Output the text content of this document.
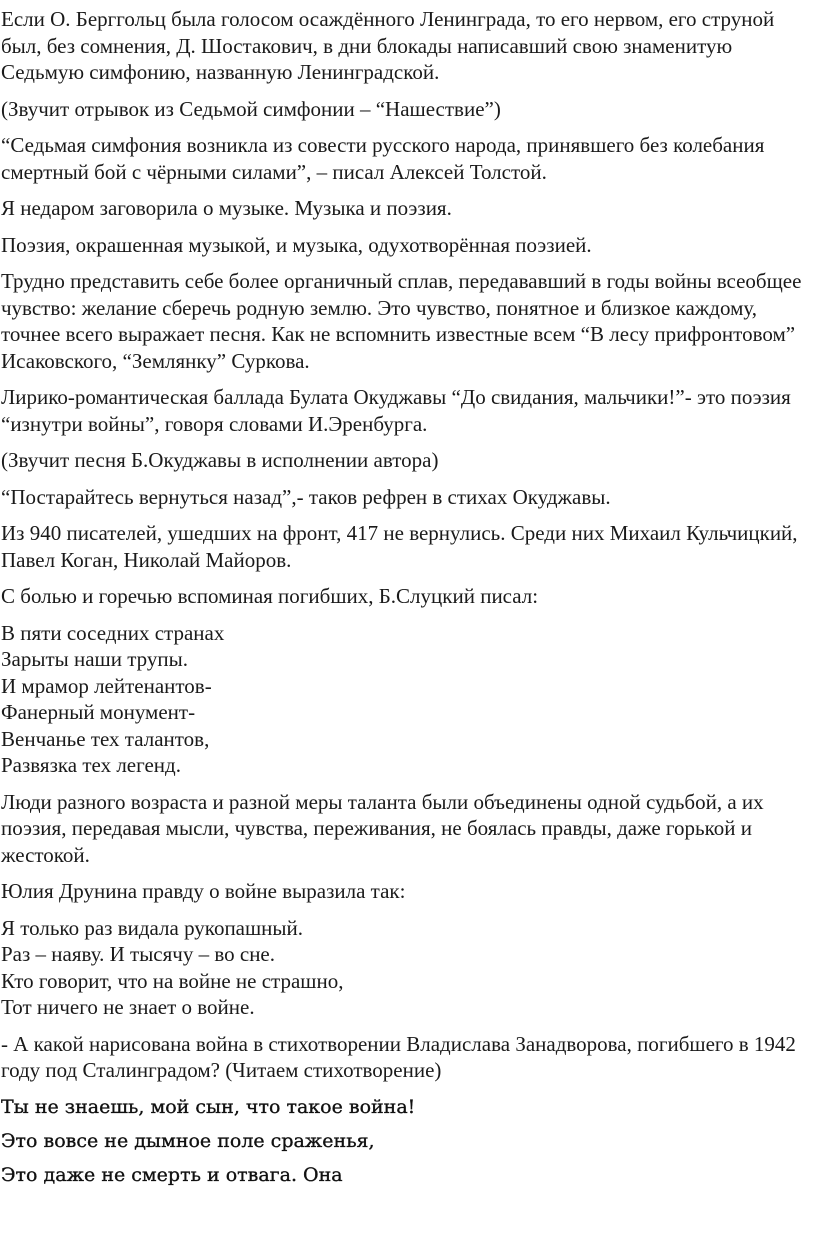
Если О. Берггольц была голосом осаждённого Ленинграда, то его нервом, его струной был, без сомнения, Д. Шостакович, в дни блокады написавший свою знаменитую Седьмую симфонию, названную Ленинградской.

(Звучит отрывок из Седьмой симфонии – “Нашествие”)

“Седьмая симфония возникла из совести русского народа, принявшего без колебания смертный бой с чёрными силами”, – писал Алексей Толстой.

Я недаром заговорила о музыке. Музыка и поэзия.

Поэзия, окрашенная музыкой, и музыка, одухотворённая поэзией.

Трудно представить себе более органичный сплав, передававший в годы войны всеобщее чувство: желание сберечь родную землю. Это чувство, понятное и близкое каждому, точнее всего выражает песня. Как не вспомнить известные всем “В лесу прифронтовом” Исаковского, “Землянку” Суркова.

Лирико-романтическая баллада Булата Окуджавы “До свидания, мальчики!”- это поэзия “изнутри войны”, говоря словами И.Эренбурга.

(Звучит песня Б.Окуджавы в исполнении автора)

“Постарайтесь вернуться назад”,- таков рефрен в стихах Окуджавы.

Из 940 писателей, ушедших на фронт, 417 не вернулись. Среди них Михаил Кульчицкий, Павел Коган, Николай Майоров.

С болью и горечью вспоминая погибших, Б.Слуцкий писал:

В пяти соседних странах
Зарыты наши трупы.
И мрамор лейтенантов-
Фанерный монумент-
Венчанье тех талантов,
Развязка тех легенд.

Люди разного возраста и разной меры таланта были объединены одной судьбой, а их поэзия, передавая мысли, чувства, переживания, не боялась правды, даже горькой и жестокой.

Юлия Друнина правду о войне выразила так:

Я только раз видала рукопашный.
Раз – наяву. И тысячу – во сне.
Кто говорит, что на войне не страшно,
Тот ничего не знает о войне.

- А какой нарисована война в стихотворении Владислава Занадворова, погибшего в 1942 году под Сталинградом? (Читаем стихотворение)

Ты не знаешь, мой сын, что такое война!
Это вовсе не дымное поле сраженья,
Это даже не смерть и отвага. Она
